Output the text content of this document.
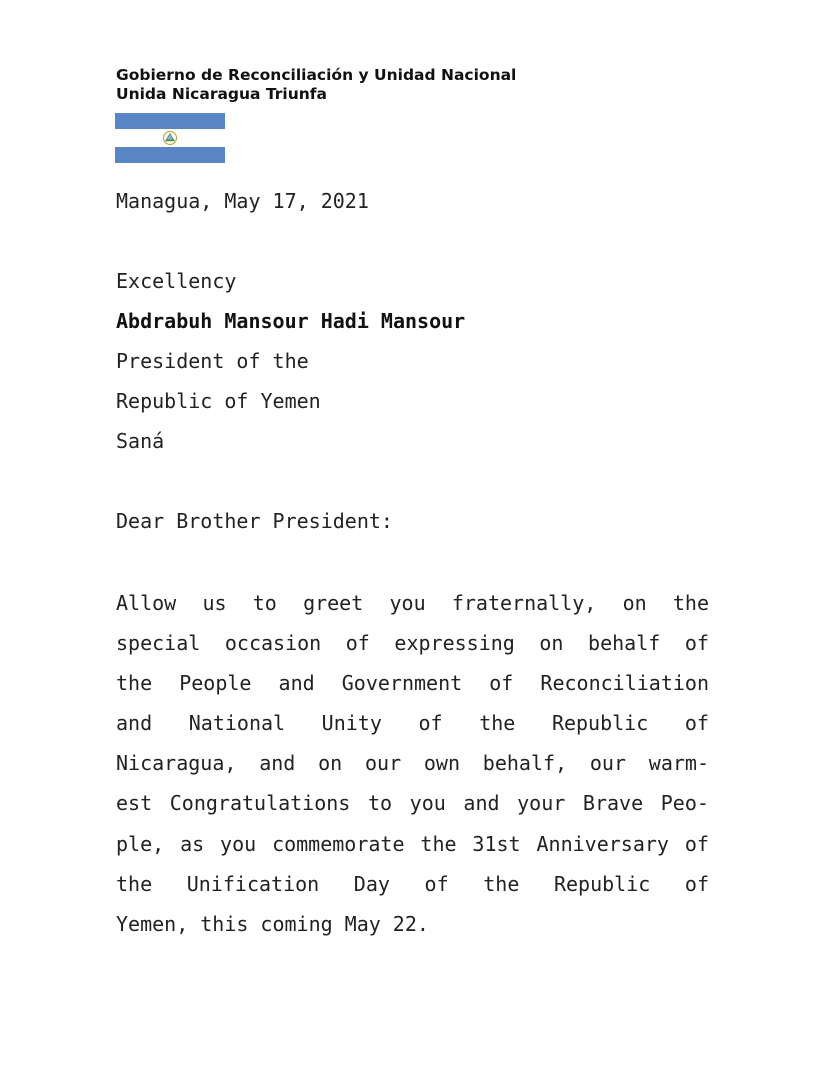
Gobierno de Reconciliación y Unidad Nacional
Unida Nicaragua Triunfa
Managua, May 17, 2021
Excellency
Abdrabuh Mansour Hadi Mansour
President of the
Republic of Yemen
Saná
Dear Brother President:
Allow us to greet you fraternally, on the
special occasion of expressing on behalf of
the People and Government of Reconciliation
and National Unity of the Republic of
Nicaragua, and on our own behalf, our warm-
est Congratulations to you and your Brave Peo-
ple, as you commemorate the 31st Anniversary of
the Unification Day of the Republic of
Yemen, this coming May 22.
